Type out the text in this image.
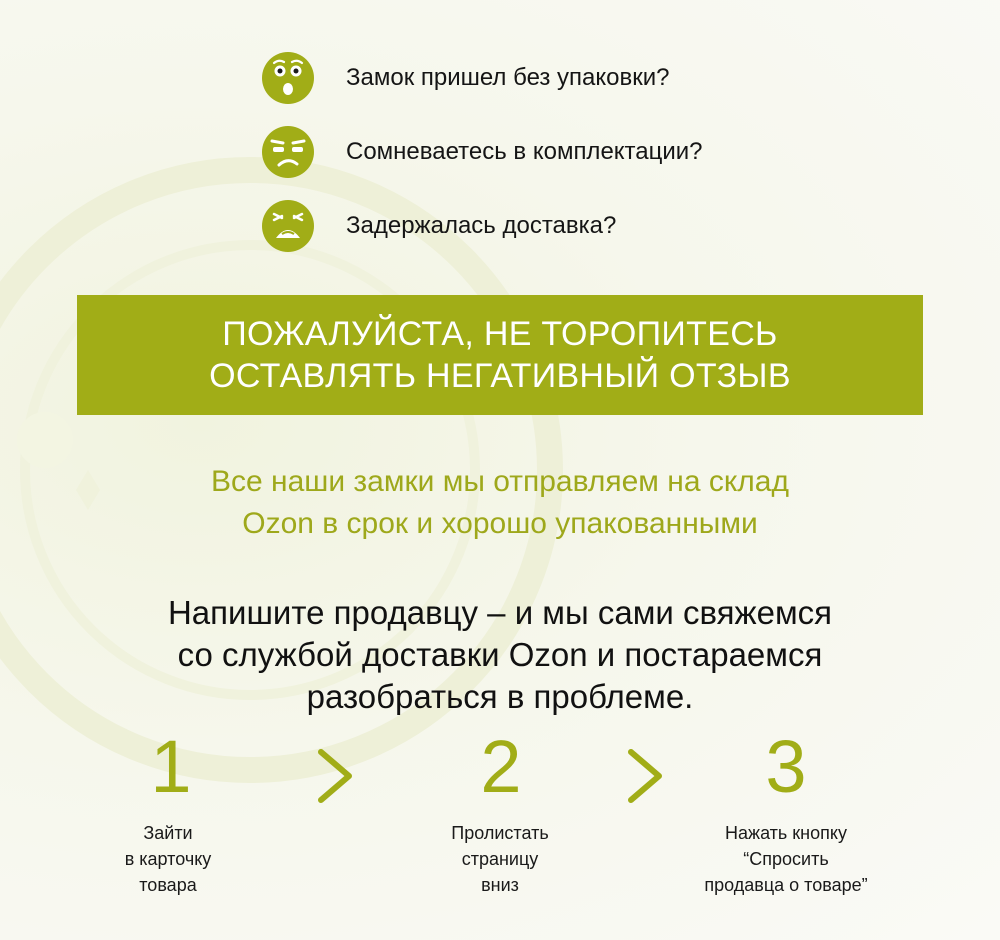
Замок пришел без упаковки?
Сомневаетесь в комплектации?
Задержалась доставка?
ПОЖАЛУЙСТА, НЕ ТОРОПИТЕСЬ
ОСТАВЛЯТЬ НЕГАТИВНЫЙ ОТЗЫВ
Все наши замки мы отправляем на склад
Ozon в срок и хорошо упакованными
Напишите продавцу – и мы сами свяжемся
со службой доставки Ozon и постараемся
разобраться в проблеме.
1	2	3
Зайти
в карточку
товара
Пролистать
страницу
вниз
Нажать кнопку
“Спросить
продавца о товаре”
